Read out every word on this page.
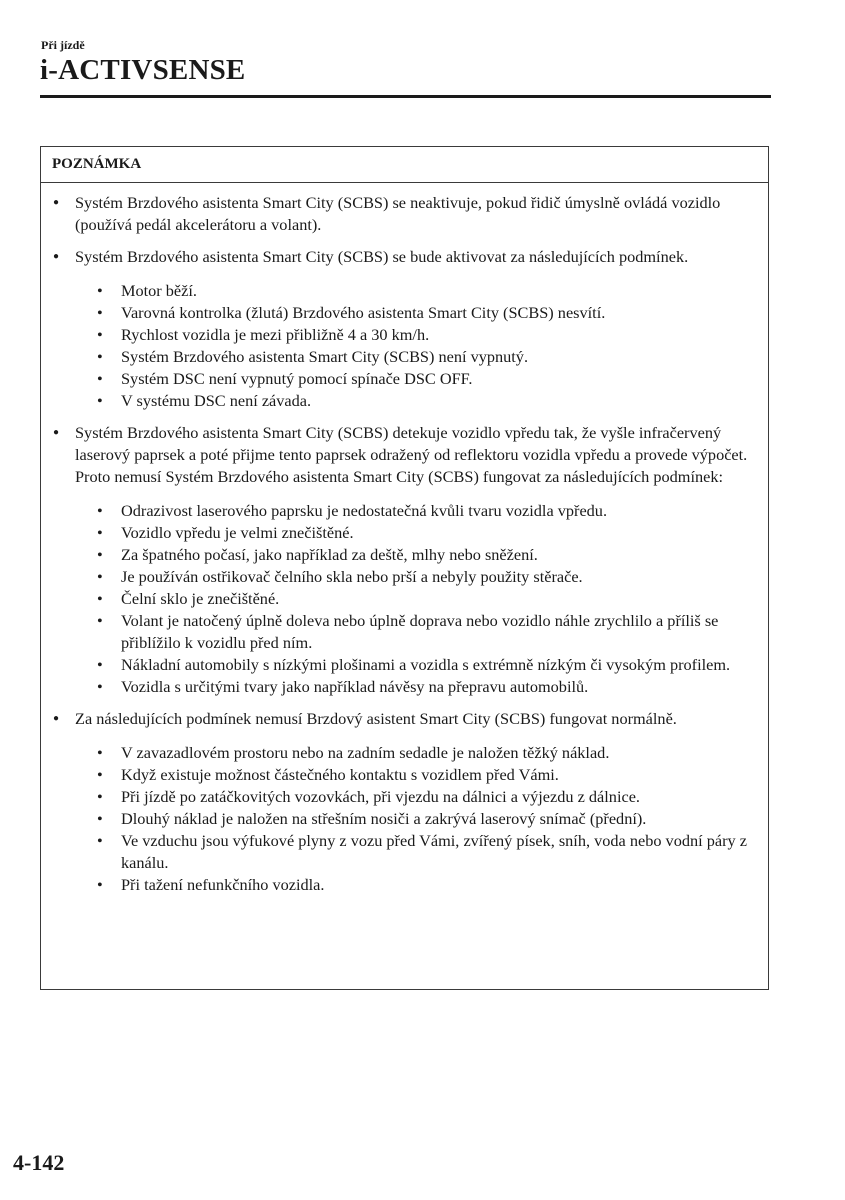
Při jízdě
i-ACTIVSENSE
POZNÁMKA
● Systém Brzdového asistenta Smart City (SCBS) se neaktivuje, pokud řidič úmyslně ovládá vozidlo (používá pedál akcelerátoru a volant).
● Systém Brzdového asistenta Smart City (SCBS) se bude aktivovat za následujících podmínek.
• Motor běží.
• Varovná kontrolka (žlutá) Brzdového asistenta Smart City (SCBS) nesvítí.
• Rychlost vozidla je mezi přibližně 4 a 30 km/h.
• Systém Brzdového asistenta Smart City (SCBS) není vypnutý.
• Systém DSC není vypnutý pomocí spínače DSC OFF.
• V systému DSC není závada.
● Systém Brzdového asistenta Smart City (SCBS) detekuje vozidlo vpředu tak, že vyšle infračervený laserový paprsek a poté přijme tento paprsek odražený od reflektoru vozidla vpředu a provede výpočet. Proto nemusí Systém Brzdového asistenta Smart City (SCBS) fungovat za následujících podmínek:
• Odrazivost laserového paprsku je nedostatečná kvůli tvaru vozidla vpředu.
• Vozidlo vpředu je velmi znečištěné.
• Za špatného počasí, jako například za deště, mlhy nebo sněžení.
• Je používán ostřikovač čelního skla nebo prší a nebyly použity stěrače.
• Čelní sklo je znečištěné.
• Volant je natočený úplně doleva nebo úplně doprava nebo vozidlo náhle zrychlilo a příliš se přiblížilo k vozidlu před ním.
• Nákladní automobily s nízkými plošinami a vozidla s extrémně nízkým či vysokým profilem.
• Vozidla s určitými tvary jako například návěsy na přepravu automobilů.
● Za následujících podmínek nemusí Brzdový asistent Smart City (SCBS) fungovat normálně.
• V zavazadlovém prostoru nebo na zadním sedadle je naložen těžký náklad.
• Když existuje možnost částečného kontaktu s vozidlem před Vámi.
• Při jízdě po zatáčkovitých vozovkách, při vjezdu na dálnici a výjezdu z dálnice.
• Dlouhý náklad je naložen na střešním nosiči a zakrývá laserový snímač (přední).
• Ve vzduchu jsou výfukové plyny z vozu před Vámi, zvířený písek, sníh, voda nebo vodní páry z kanálu.
• Při tažení nefunkčního vozidla.
4-142
